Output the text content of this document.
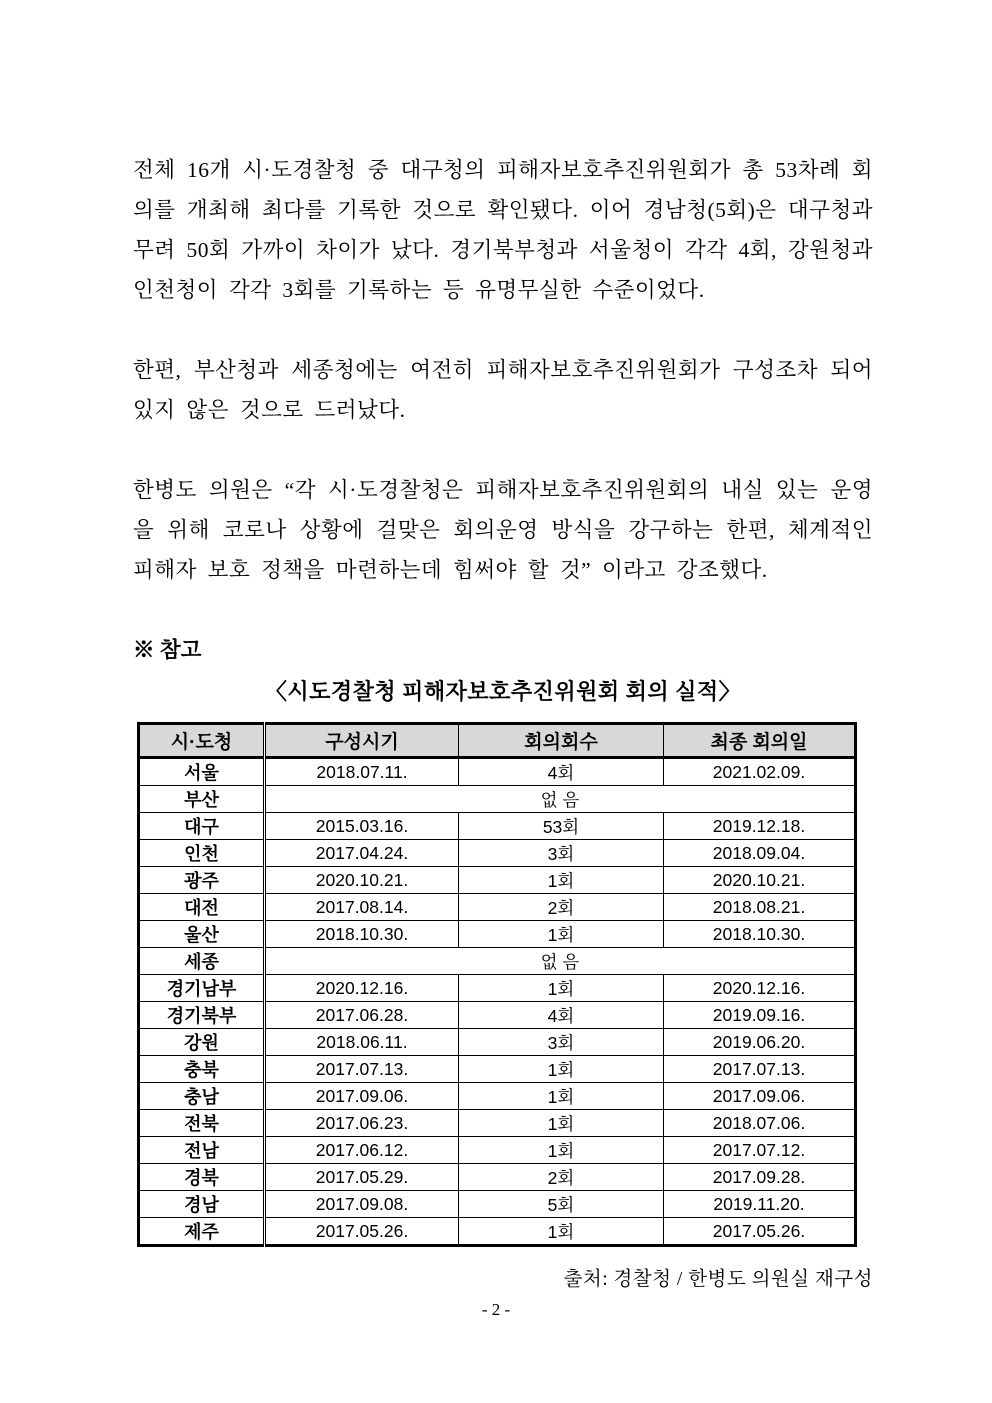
전체 16개 시·도경찰청 중 대구청의 피해자보호추진위원회가 총 53차례 회의를 개최해 최다를 기록한 것으로 확인됐다. 이어 경남청(5회)은 대구청과 무려 50회 가까이 차이가 났다. 경기북부청과 서울청이 각각 4회, 강원청과 인천청이 각각 3회를 기록하는 등 유명무실한 수준이었다.

한편, 부산청과 세종청에는 여전히 피해자보호추진위원회가 구성조차 되어 있지 않은 것으로 드러났다.

한병도 의원은 “각 시·도경찰청은 피해자보호추진위원회의 내실 있는 운영을 위해 코로나 상황에 걸맞은 회의운영 방식을 강구하는 한편, 체계적인 피해자 보호 정책을 마련하는데 힘써야 할 것” 이라고 강조했다.

※ 참고
〈시도경찰청 피해자보호추진위원회 회의 실적〉
시·도청	구성시기	회의회수	최종 회의일
서울	2018.07.11.	4회	2021.02.09.
부산	없 음		
대구	2015.03.16.	53회	2019.12.18.
인천	2017.04.24.	3회	2018.09.04.
광주	2020.10.21.	1회	2020.10.21.
대전	2017.08.14.	2회	2018.08.21.
울산	2018.10.30.	1회	2018.10.30.
세종	없 음		
경기남부	2020.12.16.	1회	2020.12.16.
경기북부	2017.06.28.	4회	2019.09.16.
강원	2018.06.11.	3회	2019.06.20.
충북	2017.07.13.	1회	2017.07.13.
충남	2017.09.06.	1회	2017.09.06.
전북	2017.06.23.	1회	2018.07.06.
전남	2017.06.12.	1회	2017.07.12.
경북	2017.05.29.	2회	2017.09.28.
경남	2017.09.08.	5회	2019.11.20.
제주	2017.05.26.	1회	2017.05.26.
출처: 경찰청 / 한병도 의원실 재구성
- 2 -
